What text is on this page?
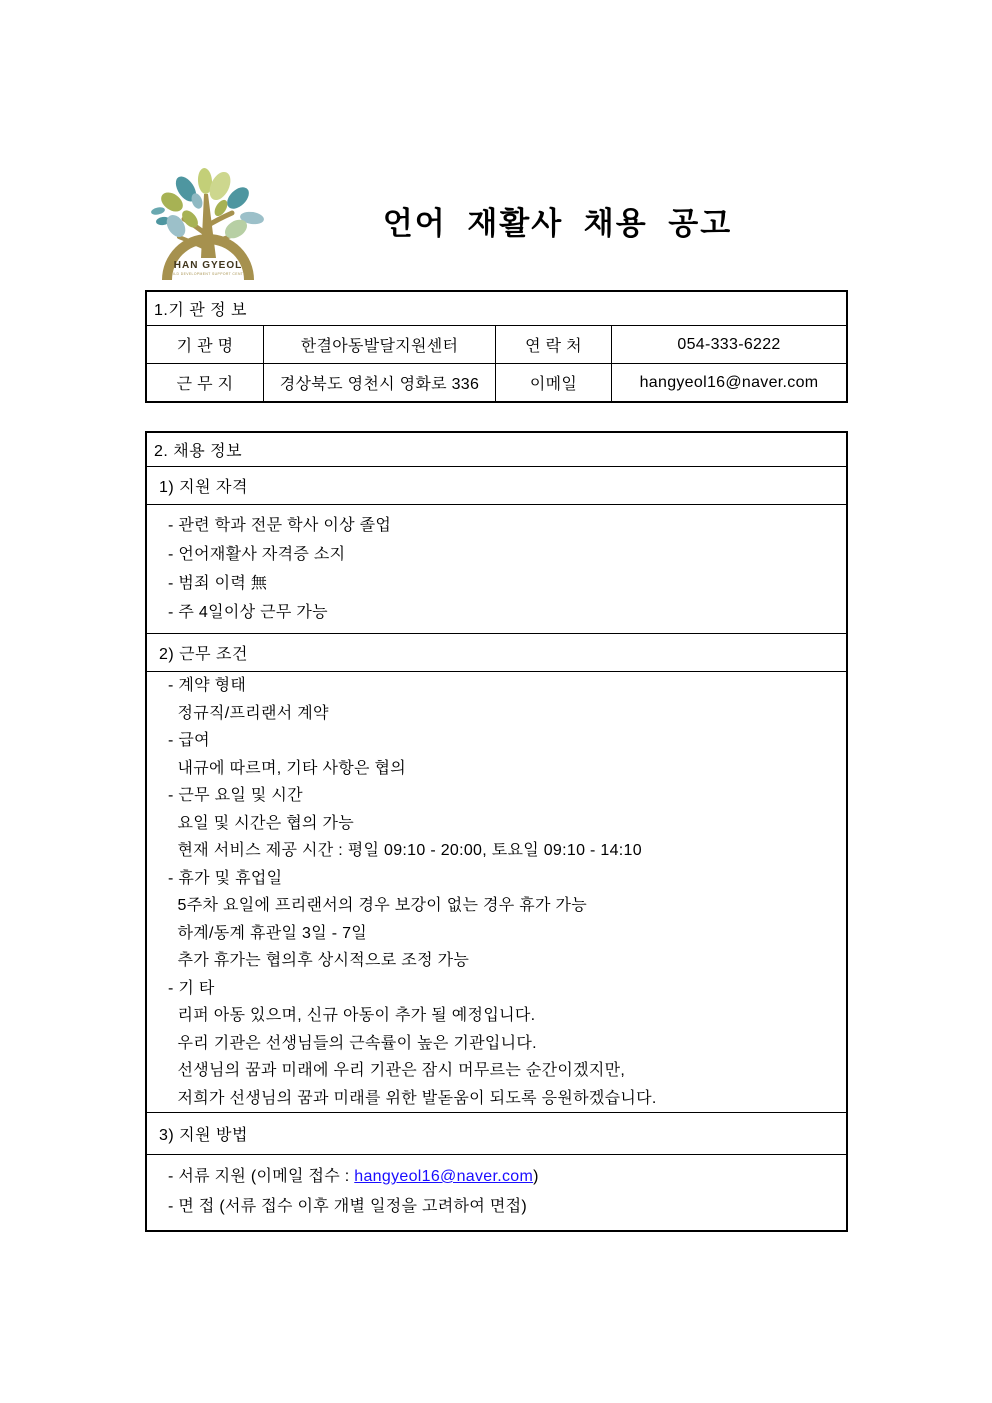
HAN GYEOL
CHILD DEVELOPMENT SUPPORT CENTER
언어 재활사 채용 공고
1.기 관 정 보
기 관 명	한결아동발달지원센터	연 락 처	054-333-6222
근 무 지	경상북도 영천시 영화로 336	이메일	hangyeol16@naver.com
2. 채용 정보
1) 지원 자격
- 관련 학과 전문 학사 이상 졸업
- 언어재활사 자격증 소지
- 범죄 이력 無
- 주 4일이상 근무 가능
2) 근무 조건
- 계약 형태
정규직/프리랜서 계약
- 급여
내규에 따르며, 기타 사항은 협의
- 근무 요일 및 시간
요일 및 시간은 협의 가능
현재 서비스 제공 시간 : 평일 09:10 - 20:00, 토요일 09:10 - 14:10
- 휴가 및 휴업일
5주차 요일에 프리랜서의 경우 보강이 없는 경우 휴가 가능
하계/동계 휴관일 3일 - 7일
추가 휴가는 협의후 상시적으로 조정 가능
- 기 타
리퍼 아동 있으며, 신규 아동이 추가 될 예정입니다.
우리 기관은 선생님들의 근속률이 높은 기관입니다.
선생님의 꿈과 미래에 우리 기관은 잠시 머무르는 순간이겠지만,
저희가 선생님의 꿈과 미래를 위한 발돋움이 되도록 응원하겠습니다.
3) 지원 방법
- 서류 지원 (이메일 접수 : hangyeol16@naver.com)
- 면 접 (서류 접수 이후 개별 일정을 고려하여 면접)
